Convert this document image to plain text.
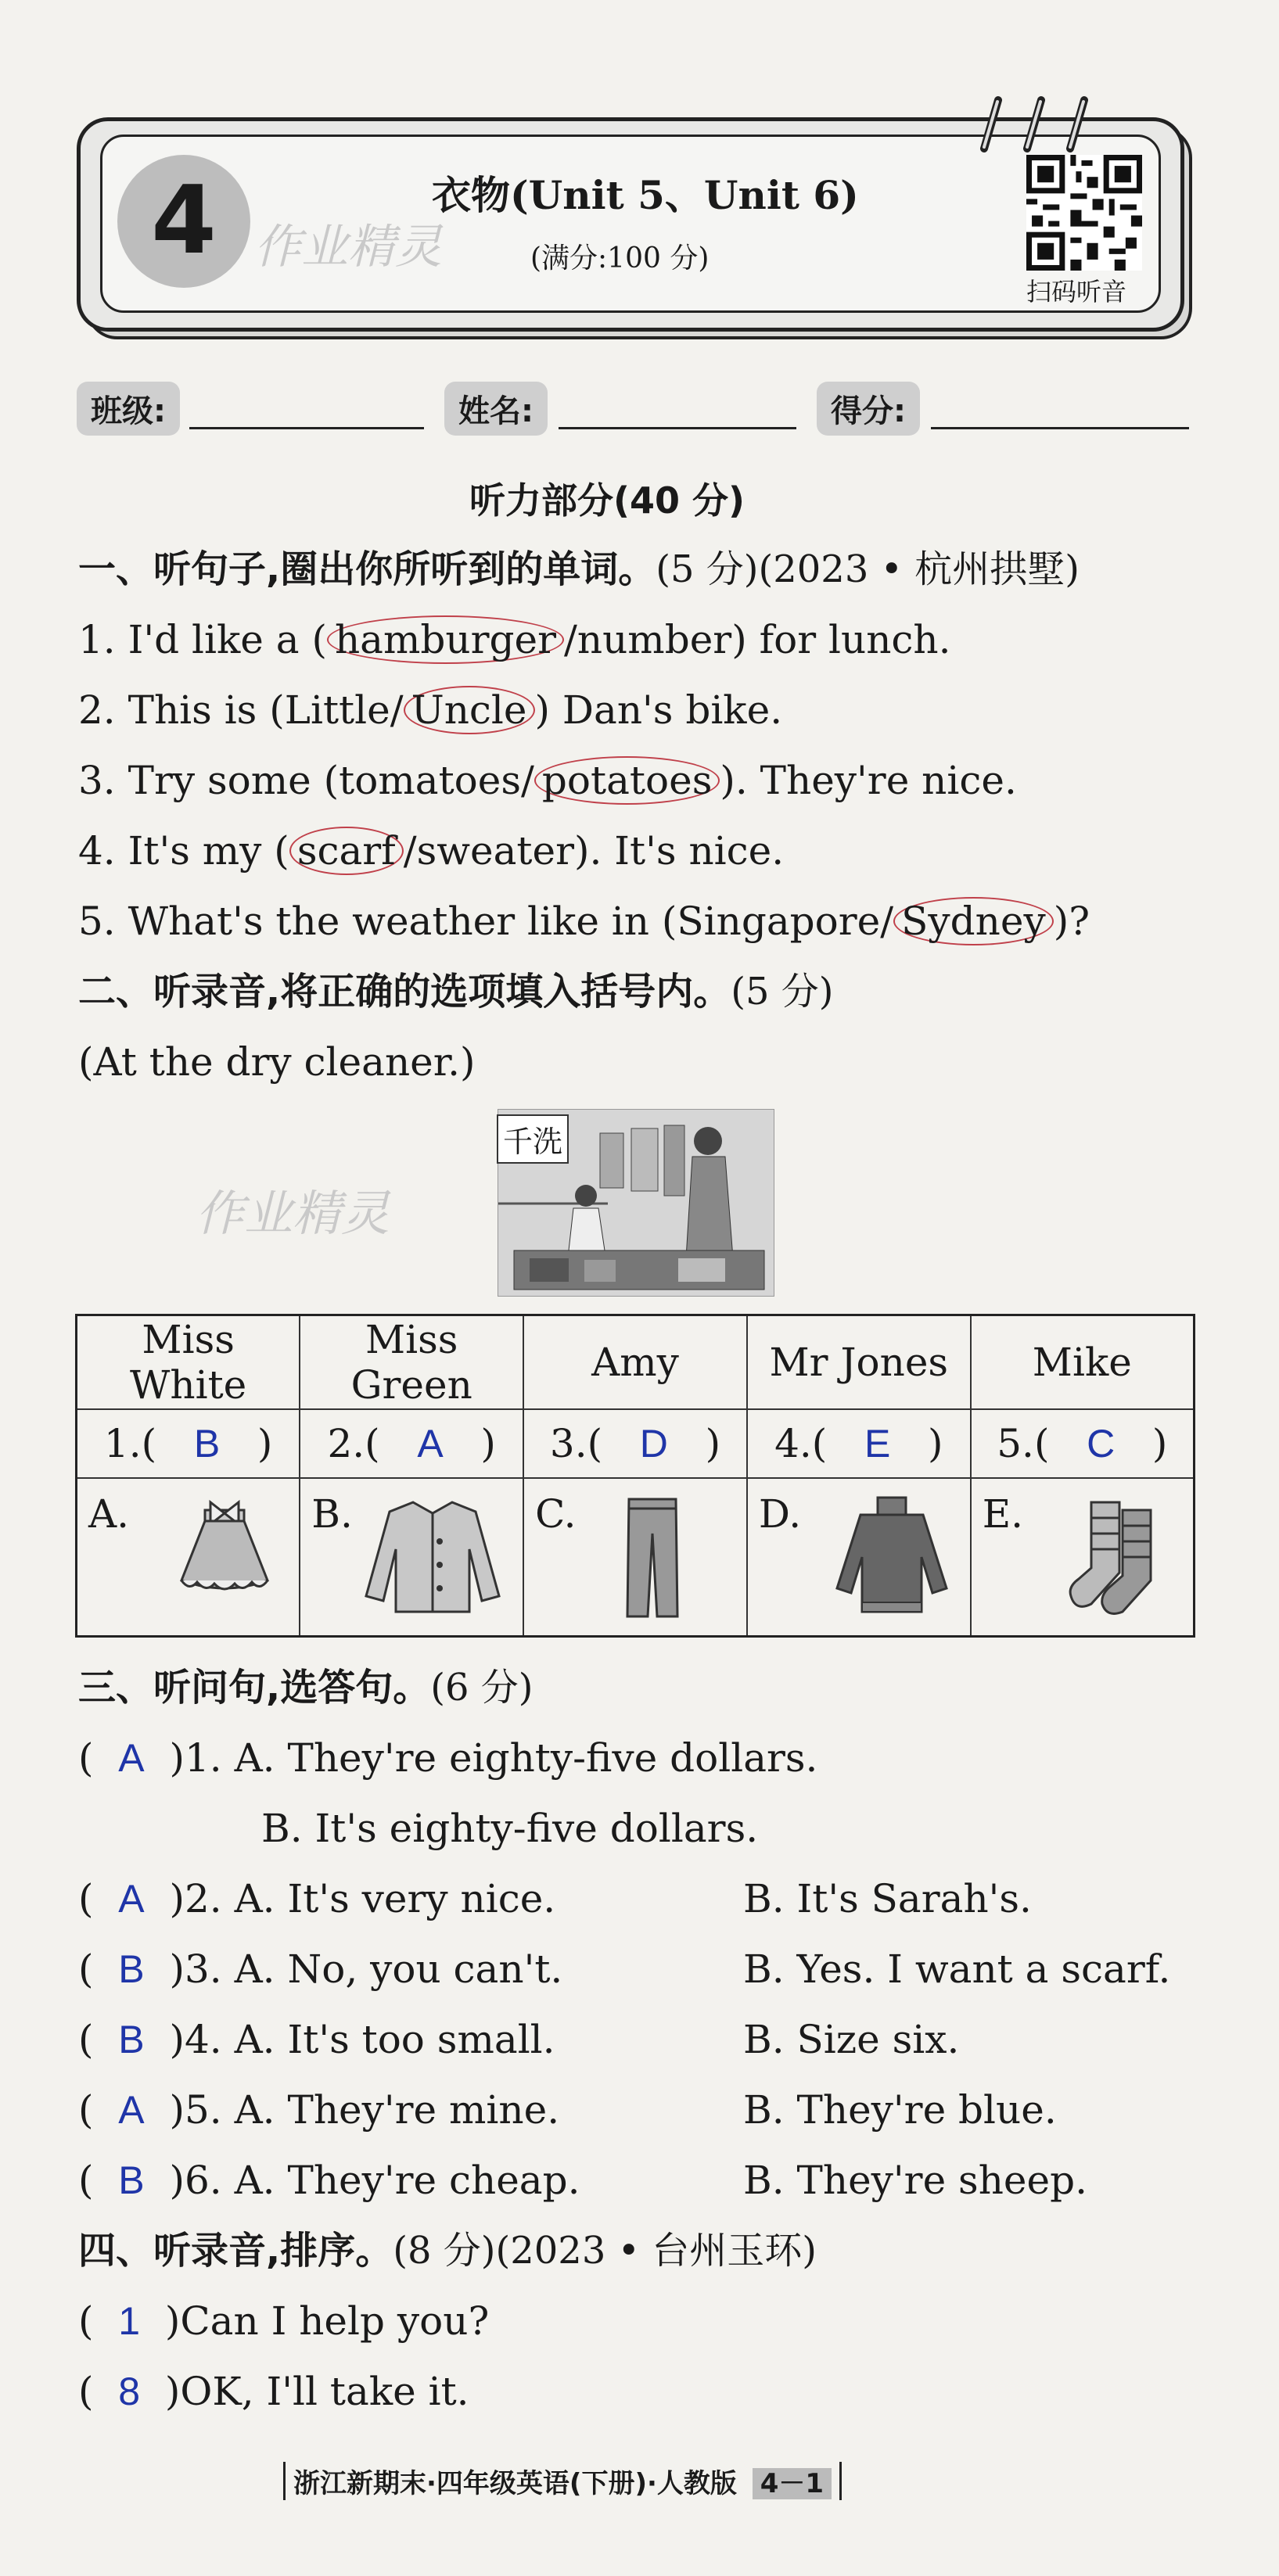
4 作业精灵
衣物(Unit 5、Unit 6)
(满分:100 分)
扫码听音
班级:	姓名:	得分:
听力部分(40 分)
一、听句子,圈出你所听到的单词。(5 分)(2023 • 杭州拱墅)
1. I'd like a ( hamburger /number) for lunch.
2. This is (Little/ Uncle ) Dan's bike.
3. Try some (tomatoes/ potatoes ). They're nice.
4. It's my ( scarf /sweater). It's nice.
5. What's the weather like in (Singapore/ Sydney )?
二、听录音,将正确的选项填入括号内。(5 分)
(At the dry cleaner.)
作业精灵
千洗
Miss White	Miss Green	Amy	Mr Jones	Mike
1.( B   )	2.( A   )	3.( D   )	4.( E   )	5.( C   )

A.	B.	C.	D.	E.
三、听问句,选答句。(6 分)
(  A )1. A. They're eighty-five dollars.
B. It's eighty-five dollars.
(  A )2. A. It's very nice.	B. It's Sarah's.
(  B )3. A. No, you can't.	B. Yes. I want a scarf.
(  B )4. A. It's too small.	B. Size six.
(  A )5. A. They're mine.	B. They're blue.
(  B )6. A. They're cheap.	B. They're sheep.
四、听录音,排序。(8 分)(2023 • 台州玉环)
(  1 )Can I help you?
(  8 )OK, I'll take it.
浙江新期末·四年级英语(下册)·人教版 4－1
